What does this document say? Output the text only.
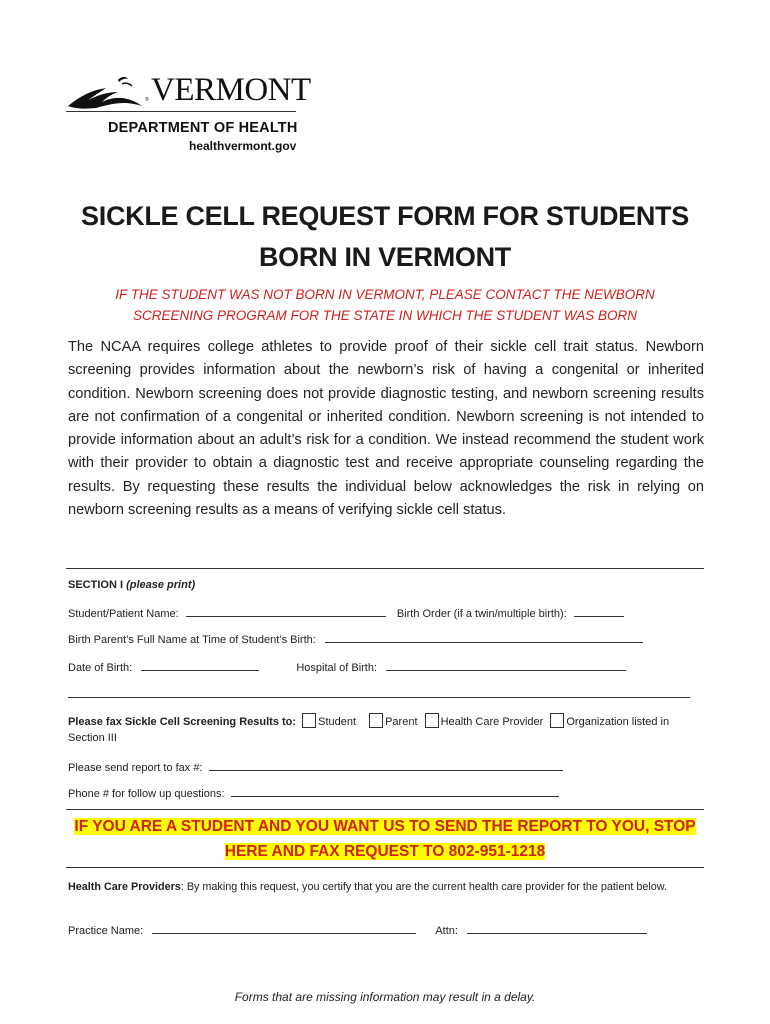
® VERMONT
DEPARTMENT OF HEALTH
healthvermont.gov
SICKLE CELL REQUEST FORM FOR STUDENTS
BORN IN VERMONT
IF THE STUDENT WAS NOT BORN IN VERMONT, PLEASE CONTACT THE NEWBORN
SCREENING PROGRAM FOR THE STATE IN WHICH THE STUDENT WAS BORN
The NCAA requires college athletes to provide proof of their sickle cell trait status. Newborn screening provides information about the newborn’s risk of having a congenital or inherited condition. Newborn screening does not provide diagnostic testing, and newborn screening results are not confirmation of a congenital or inherited condition. Newborn screening is not intended to provide information about an adult’s risk for a condition. We instead recommend the student work with their provider to obtain a diagnostic test and receive appropriate counseling regarding the results. By requesting these results the individual below acknowledges the risk in relying on newborn screening results as a means of verifying sickle cell status.
SECTION I (please print)
Student/Patient Name:	Birth Order (if a twin/multiple birth):
Birth Parent’s Full Name at Time of Student’s Birth:
Date of Birth:	Hospital of Birth:
Please fax Sickle Cell Screening Results to: Student	Parent Health Care Provider Organization listed in
Section III
Please send report to fax #:
Phone # for follow up questions:
IF YOU ARE A STUDENT AND YOU WANT US TO SEND THE REPORT TO YOU, STOP
HERE AND FAX REQUEST TO 802-951-1218
Health Care Providers: By making this request, you certify that you are the current health care provider for the patient below.
Practice Name:	Attn:
Forms that are missing information may result in a delay.
